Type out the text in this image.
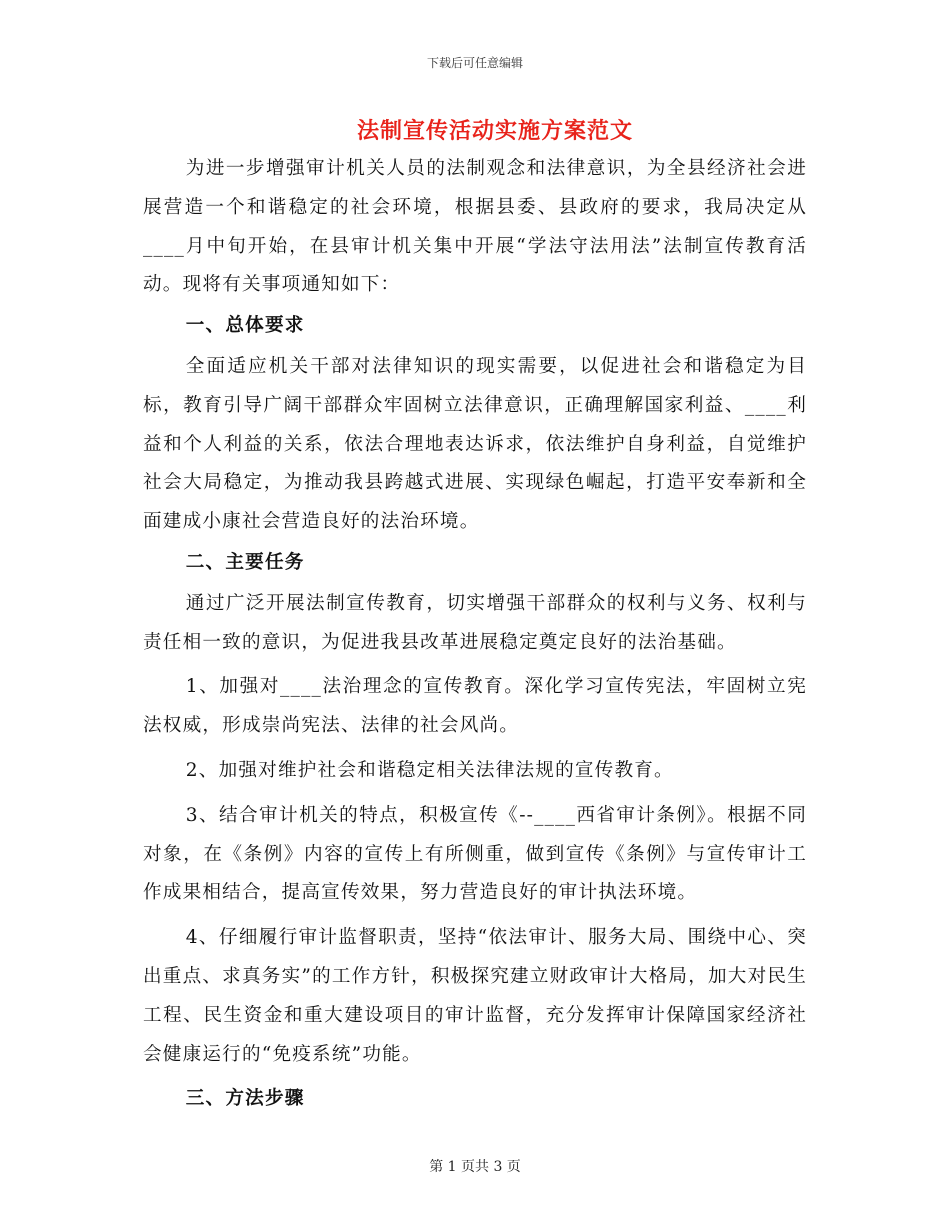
下载后可任意编辑
法制宣传活动实施方案范文

为进一步增强审计机关人员的法制观念和法律意识，为全县经济社会进展营造一个和谐稳定的社会环境，根据县委、县政府的要求，我局决定从____月中旬开始，在县审计机关集中开展“学法守法用法”法制宣传教育活动。现将有关事项通知如下：

一、总体要求

全面适应机关干部对法律知识的现实需要，以促进社会和谐稳定为目标，教育引导广阔干部群众牢固树立法律意识，正确理解国家利益、____利益和个人利益的关系，依法合理地表达诉求，依法维护自身利益，自觉维护社会大局稳定，为推动我县跨越式进展、实现绿色崛起，打造平安奉新和全面建成小康社会营造良好的法治环境。

二、主要任务

通过广泛开展法制宣传教育，切实增强干部群众的权利与义务、权利与责任相一致的意识，为促进我县改革进展稳定奠定良好的法治基础。

1、加强对____法治理念的宣传教育。深化学习宣传宪法，牢固树立宪法权威，形成崇尚宪法、法律的社会风尚。

2、加强对维护社会和谐稳定相关法律法规的宣传教育。

3、结合审计机关的特点，积极宣传《--____西省审计条例》。根据不同对象，在《条例》内容的宣传上有所侧重，做到宣传《条例》与宣传审计工作成果相结合，提高宣传效果，努力营造良好的审计执法环境。

4、仔细履行审计监督职责，坚持“依法审计、服务大局、围绕中心、突出重点、求真务实”的工作方针，积极探究建立财政审计大格局，加大对民生工程、民生资金和重大建设项目的审计监督，充分发挥审计保障国家经济社会健康运行的“免疫系统”功能。

三、方法步骤

第 1 页共 3 页
